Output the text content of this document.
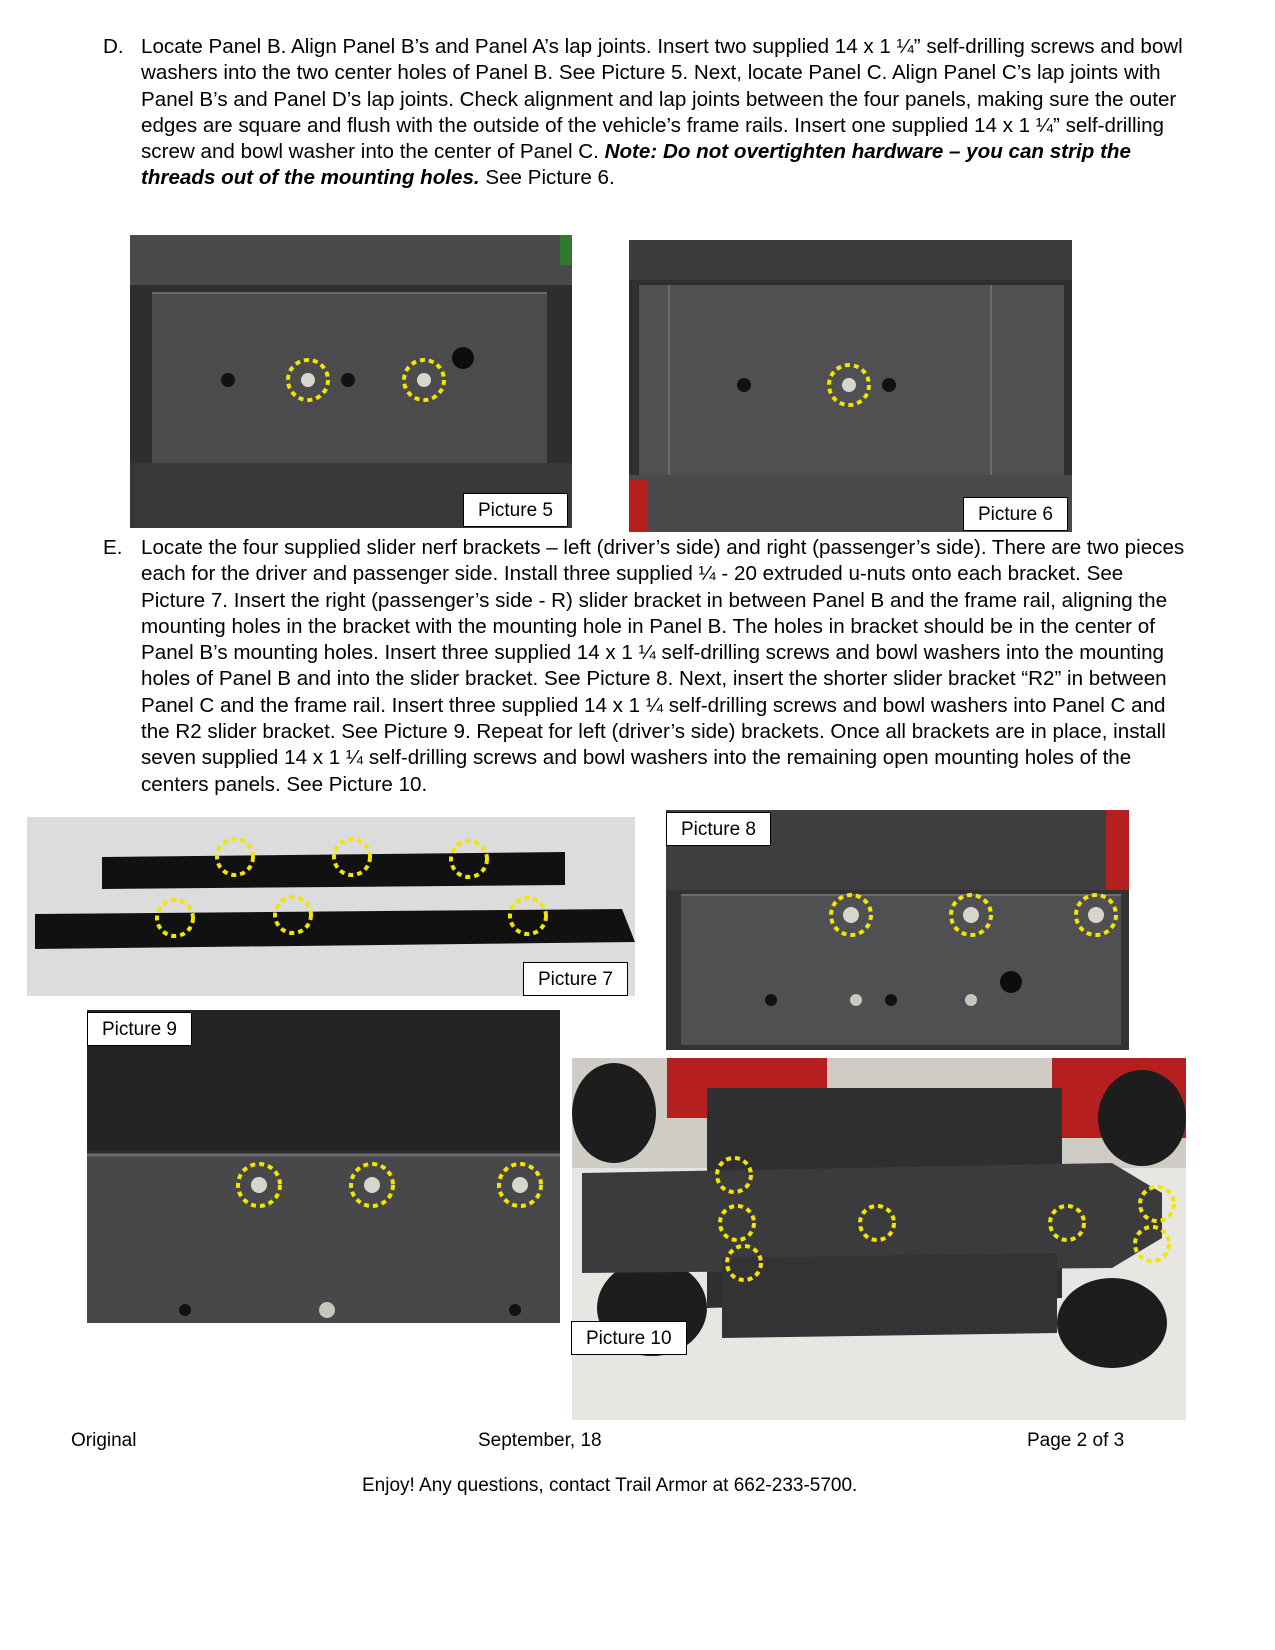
D. Locate Panel B. Align Panel B’s and Panel A’s lap joints. Insert two supplied 14 x 1 ¼” self-drilling screws and bowl washers into the two center holes of Panel B. See Picture 5. Next, locate Panel C. Align Panel C’s lap joints with Panel B’s and Panel D’s lap joints. Check alignment and lap joints between the four panels, making sure the outer edges are square and flush with the outside of the vehicle’s frame rails. Insert one supplied 14 x 1 ¼” self-drilling screw and bowl washer into the center of Panel C. Note: Do not overtighten hardware – you can strip the threads out of the mounting holes. See Picture 6.
Picture 5	Picture 6
E. Locate the four supplied slider nerf brackets – left (driver’s side) and right (passenger’s side). There are two pieces each for the driver and passenger side. Install three supplied ¼ - 20 extruded u-nuts onto each bracket. See Picture 7. Insert the right (passenger’s side - R) slider bracket in between Panel B and the frame rail, aligning the mounting holes in the bracket with the mounting hole in Panel B. The holes in bracket should be in the center of Panel B’s mounting holes. Insert three supplied 14 x 1 ¼ self-drilling screws and bowl washers into the mounting holes of Panel B and into the slider bracket. See Picture 8. Next, insert the shorter slider bracket “R2” in between Panel C and the frame rail. Insert three supplied 14 x 1 ¼ self-drilling screws and bowl washers into Panel C and the R2 slider bracket. See Picture 9. Repeat for left (driver’s side) brackets. Once all brackets are in place, install seven supplied 14 x 1 ¼ self-drilling screws and bowl washers into the remaining open mounting holes of the centers panels. See Picture 10.
Picture 7
Picture 8
Picture 9
Picture 10
Original	September, 18	Page 2 of 3
Enjoy! Any questions, contact Trail Armor at 662-233-5700.
